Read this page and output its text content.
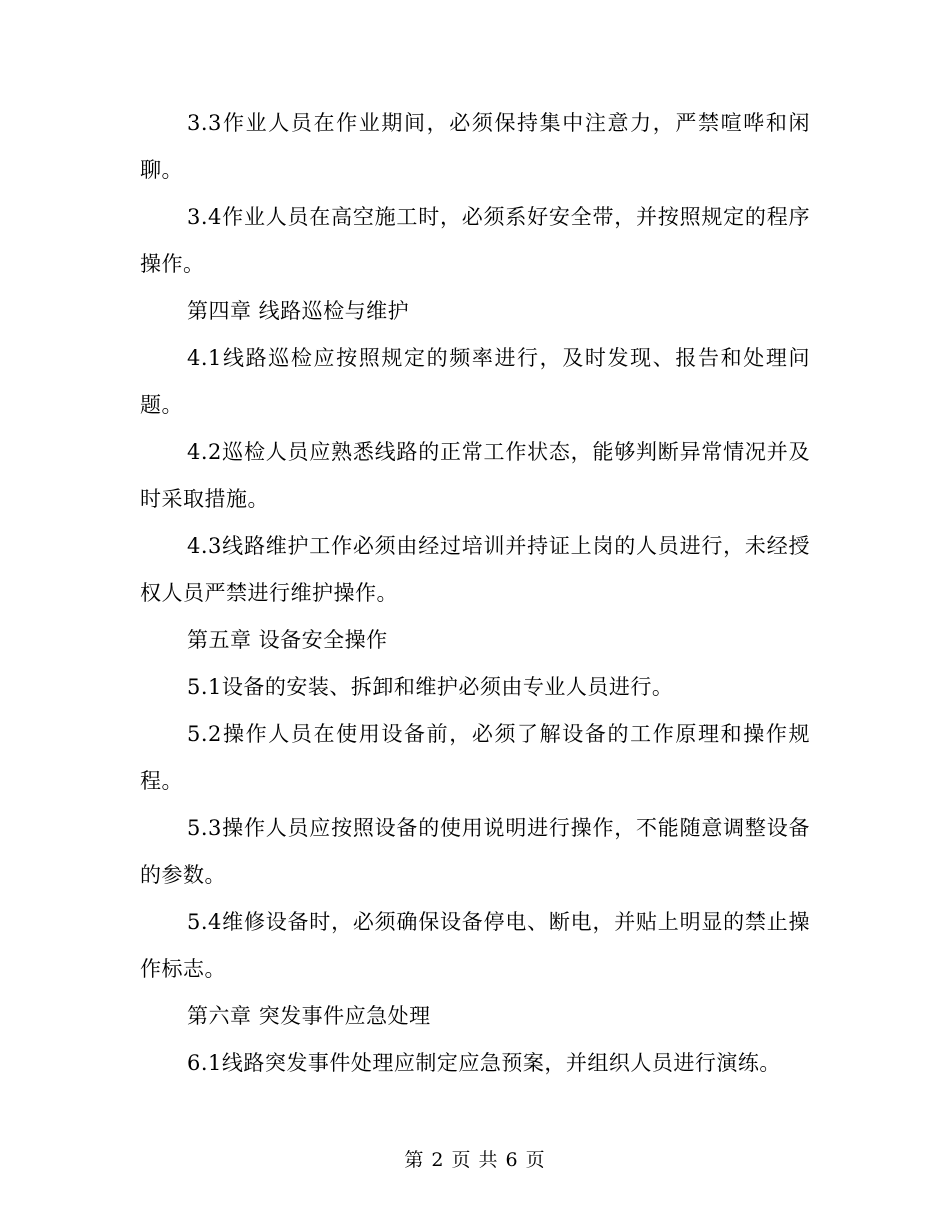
3.3作业人员在作业期间，必须保持集中注意力，严禁喧哗和闲聊。

3.4作业人员在高空施工时，必须系好安全带，并按照规定的程序操作。

第四章 线路巡检与维护

4.1线路巡检应按照规定的频率进行，及时发现、报告和处理问题。

4.2巡检人员应熟悉线路的正常工作状态，能够判断异常情况并及时采取措施。

4.3线路维护工作必须由经过培训并持证上岗的人员进行，未经授权人员严禁进行维护操作。

第五章 设备安全操作

5.1设备的安装、拆卸和维护必须由专业人员进行。

5.2操作人员在使用设备前，必须了解设备的工作原理和操作规程。

5.3操作人员应按照设备的使用说明进行操作，不能随意调整设备的参数。

5.4维修设备时，必须确保设备停电、断电，并贴上明显的禁止操作标志。

第六章 突发事件应急处理

6.1线路突发事件处理应制定应急预案，并组织人员进行演练。

第 2 页 共 6 页
